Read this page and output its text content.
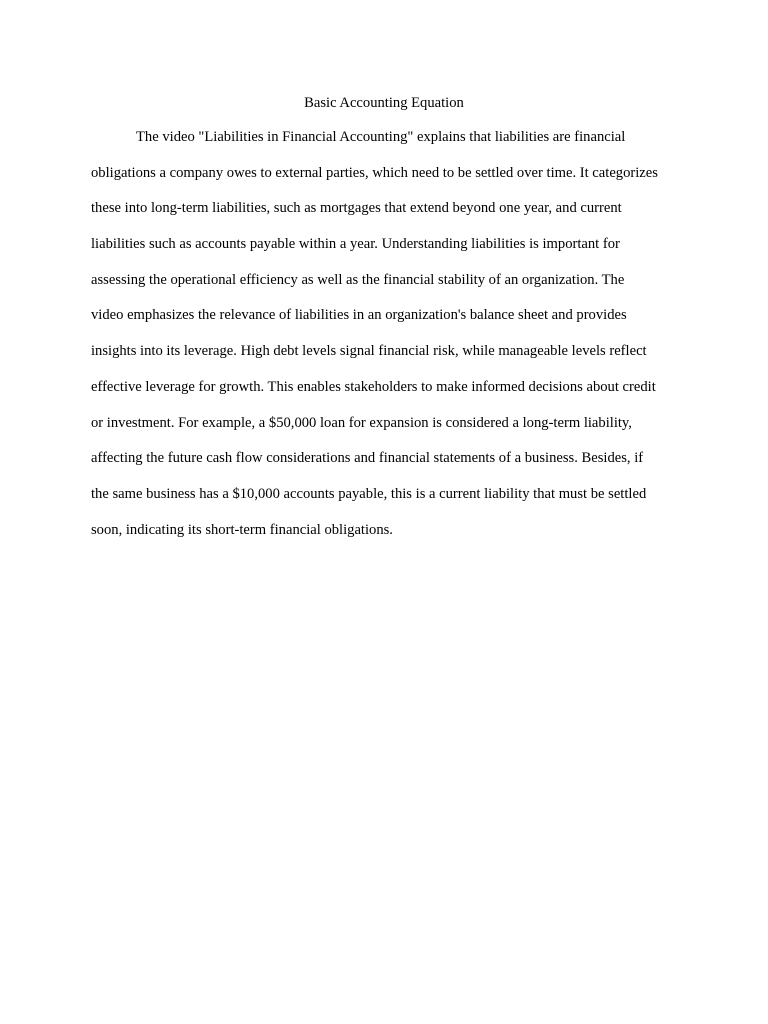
Basic Accounting Equation
The video "Liabilities in Financial Accounting" explains that liabilities are financial
obligations a company owes to external parties, which need to be settled over time. It categorizes
these into long-term liabilities, such as mortgages that extend beyond one year, and current
liabilities such as accounts payable within a year. Understanding liabilities is important for
assessing the operational efficiency as well as the financial stability of an organization. The
video emphasizes the relevance of liabilities in an organization's balance sheet and provides
insights into its leverage. High debt levels signal financial risk, while manageable levels reflect
effective leverage for growth. This enables stakeholders to make informed decisions about credit
or investment. For example, a $50,000 loan for expansion is considered a long-term liability,
affecting the future cash flow considerations and financial statements of a business. Besides, if
the same business has a $10,000 accounts payable, this is a current liability that must be settled
soon, indicating its short-term financial obligations.
